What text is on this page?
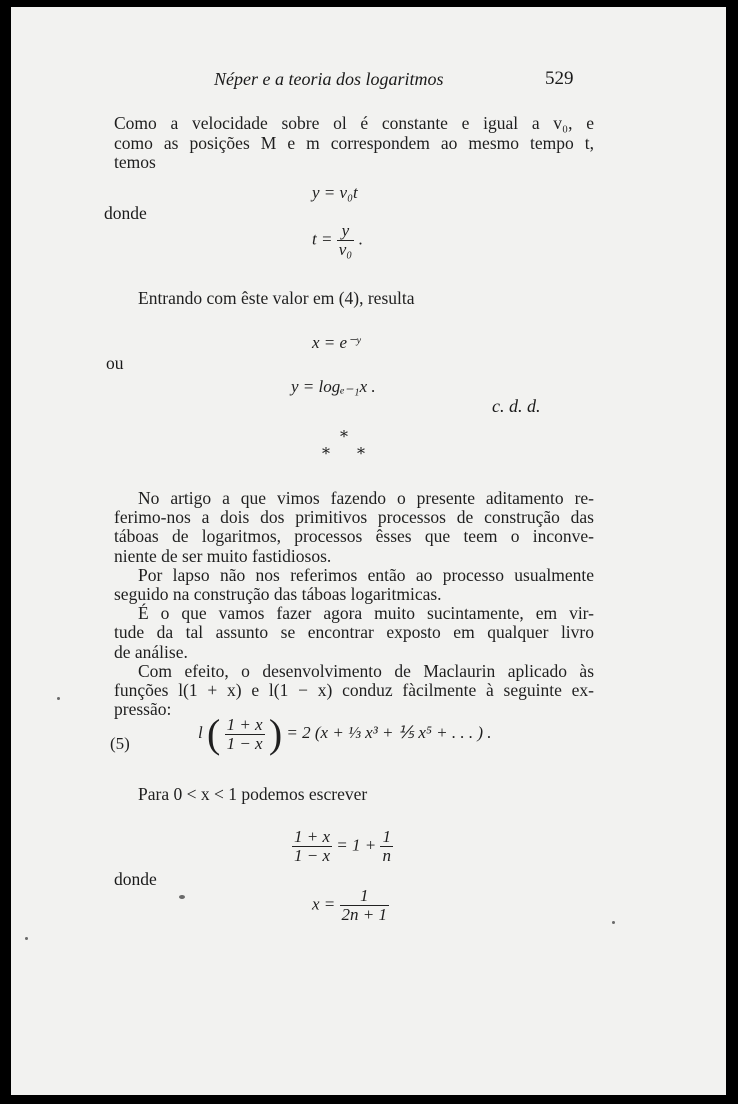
Néper e a teoria dos logaritmos	529

Como a velocidade sobre ol é constante e igual a v₀, e

como as posições M e m correspondem ao mesmo tempo t,

temos

y = v₀t
donde
$t = \frac{y}{\text{v₀}}$ .

Entrando com êste valor em (4), resulta

x = e⁻ʸ
ou
y = logₑ₋₁x .
c. d. d.
*
* *

No artigo a que vimos fazendo o presente aditamento re-

ferimo-nos a dois dos primitivos processos de construção das

táboas de logaritmos, processos êsses que teem o inconve-

niente de ser muito fastidiosos.

Por lapso não nos referimos então ao processo usualmente

seguido na construção das táboas logaritmicas.

É o que vamos fazer agora muito sucintamente, em vir-

tude da tal assunto se encontrar exposto em qualquer livro

de análise.

Com efeito, o desenvolvimento de Maclaurin aplicado às

funções l(1 + x) e l(1 − x) conduz fàcilmente à seguinte ex-

pressão:

(5)
l ( $\frac{1 + x}{1 - x}$ ) = 2 (x + ⅓ x³ + ⅕ x⁵ + . . . ) .

Para 0 < x < 1 podemos escrever

$\frac{1 + x}{1 - x} = 1 + \frac{1}{n}$
donde
$x = \frac{1}{2n + 1}$
